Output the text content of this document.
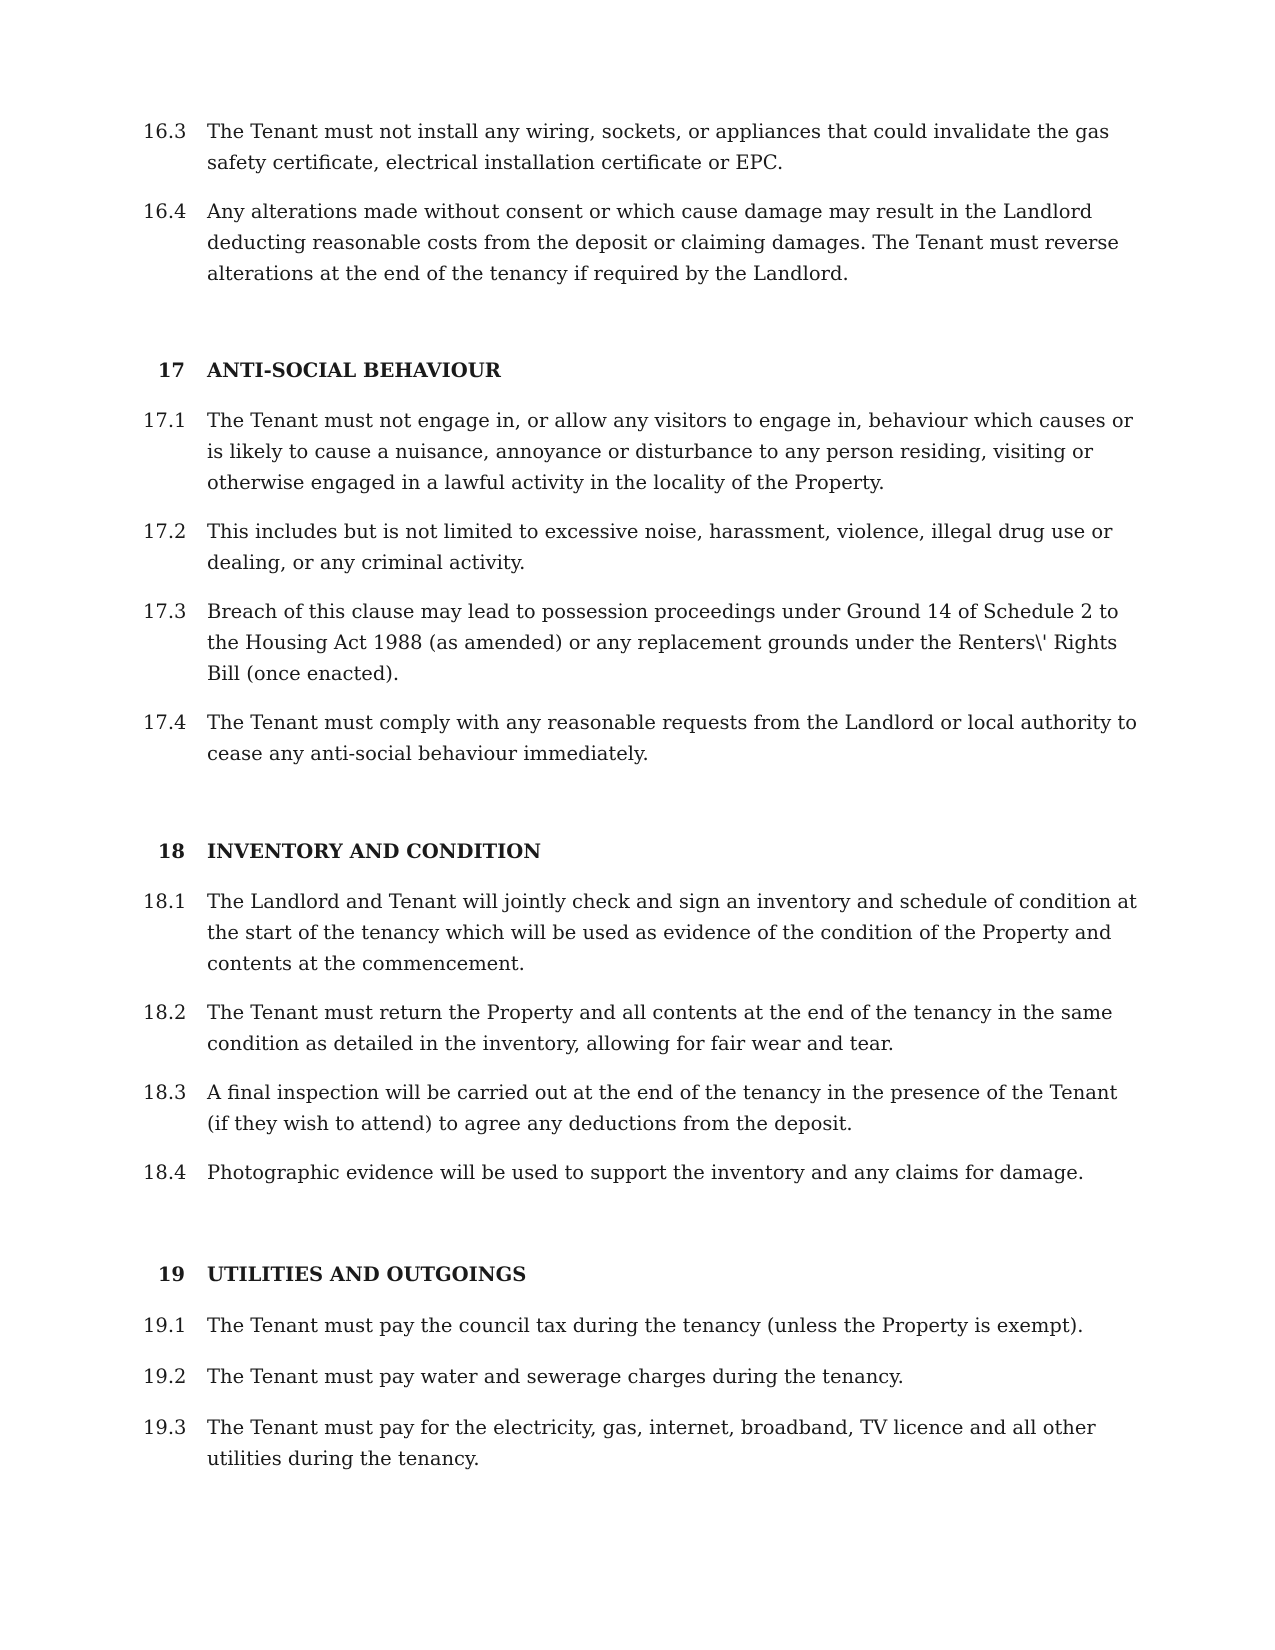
16.3	The Tenant must not install any wiring, sockets, or appliances that could invalidate the gas safety certificate, electrical installation certificate or EPC.
16.4	Any alterations made without consent or which cause damage may result in the Landlord deducting reasonable costs from the deposit or claiming damages. The Tenant must reverse alterations at the end of the tenancy if required by the Landlord.
17 ANTI-SOCIAL BEHAVIOUR
17.1	The Tenant must not engage in, or allow any visitors to engage in, behaviour which causes or is likely to cause a nuisance, annoyance or disturbance to any person residing, visiting or otherwise engaged in a lawful activity in the locality of the Property.
17.2	This includes but is not limited to excessive noise, harassment, violence, illegal drug use or dealing, or any criminal activity.
17.3	Breach of this clause may lead to possession proceedings under Ground 14 of Schedule 2 to the Housing Act 1988 (as amended) or any replacement grounds under the Renters\' Rights Bill (once enacted).
17.4	The Tenant must comply with any reasonable requests from the Landlord or local authority to cease any anti-social behaviour immediately.
18 INVENTORY AND CONDITION
18.1	The Landlord and Tenant will jointly check and sign an inventory and schedule of condition at the start of the tenancy which will be used as evidence of the condition of the Property and contents at the commencement.
18.2	The Tenant must return the Property and all contents at the end of the tenancy in the same condition as detailed in the inventory, allowing for fair wear and tear.
18.3	A final inspection will be carried out at the end of the tenancy in the presence of the Tenant (if they wish to attend) to agree any deductions from the deposit.
18.4	Photographic evidence will be used to support the inventory and any claims for damage.
19 UTILITIES AND OUTGOINGS
19.1	The Tenant must pay the council tax during the tenancy (unless the Property is exempt).
19.2	The Tenant must pay water and sewerage charges during the tenancy.
19.3	The Tenant must pay for the electricity, gas, internet, broadband, TV licence and all other utilities during the tenancy.
